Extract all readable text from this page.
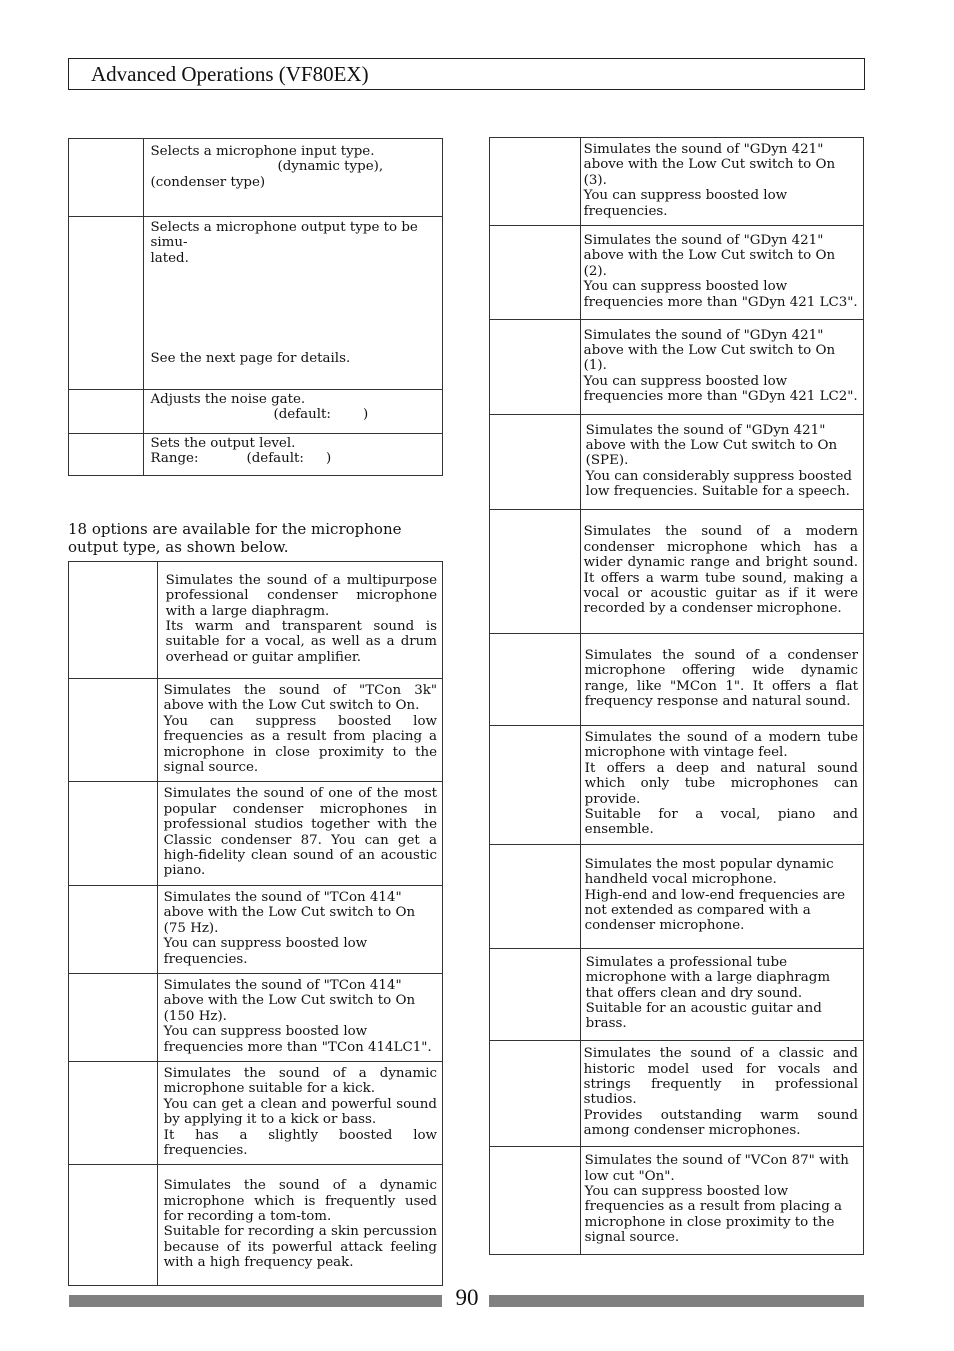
Advanced Operations (VF80EX)

	Selects a microphone input type.

(dynamic type),

(condenser type)

	Selects a microphone output type to be simu-

lated.

See the next page for details.

	Adjusts the noise gate.

(default: )

	Sets the output level.

Range: (default: )

18 options are available for the microphone output type, as shown below.
	Simulates the sound of a multipurpose professional condenser microphone with a large diaphragm.
Its warm and transparent sound is suitable for a vocal, as well as a drum overhead or guitar amplifier.
	Simulates the sound of "TCon 3k" above with the Low Cut switch to On.
You can suppress boosted low frequencies as a result from placing a microphone in close proximity to the signal source.
	Simulates the sound of one of the most popular condenser microphones in professional studios together with the Classic condenser 87. You can get a high-fidelity clean sound of an acoustic piano.
	Simulates the sound of "TCon 414" above with the Low Cut switch to On (75 Hz).
You can suppress boosted low frequencies.
	Simulates the sound of "TCon 414" above with the Low Cut switch to On (150 Hz).
You can suppress boosted low frequencies more than "TCon 414LC1".
	Simulates the sound of a dynamic microphone suitable for a kick.
You can get a clean and powerful sound by applying it to a kick or bass.
It has a slightly boosted low frequencies.
	Simulates the sound of a dynamic microphone which is frequently used for recording a tom-tom.
Suitable for recording a skin percussion because of its powerful attack feeling with a high frequency peak.
	Simulates the sound of "GDyn 421" above with the Low Cut switch to On (3).
You can suppress boosted low frequencies.
	Simulates the sound of "GDyn 421" above with the Low Cut switch to On (2).
You can suppress boosted low frequencies more than "GDyn 421 LC3".
	Simulates the sound of "GDyn 421" above with the Low Cut switch to On (1).
You can suppress boosted low frequencies more than "GDyn 421 LC2".
	Simulates the sound of "GDyn 421" above with the Low Cut switch to On (SPE).
You can considerably suppress boosted low frequencies. Suitable for a speech.
	Simulates the sound of a modern condenser microphone which has a wider dynamic range and bright sound. It offers a warm tube sound, making a vocal or acoustic guitar as if it were recorded by a condenser microphone.
	Simulates the sound of a condenser microphone offering wide dynamic range, like "MCon 1". It offers a flat frequency response and natural sound.
	Simulates the sound of a modern tube microphone with vintage feel.
It offers a deep and natural sound which only tube microphones can provide.
Suitable for a vocal, piano and ensemble.
	Simulates the most popular dynamic handheld vocal microphone.
High-end and low-end frequencies are not extended as compared with a condenser microphone.
	Simulates a professional tube microphone with a large diaphragm that offers clean and dry sound.
Suitable for an acoustic guitar and brass.
	Simulates the sound of a classic and historic model used for vocals and strings frequently in professional studios.
Provides outstanding warm sound among condenser microphones.
	Simulates the sound of "VCon 87" with low cut "On".
You can suppress boosted low frequencies as a result from placing a microphone in close proximity to the signal source.
90
